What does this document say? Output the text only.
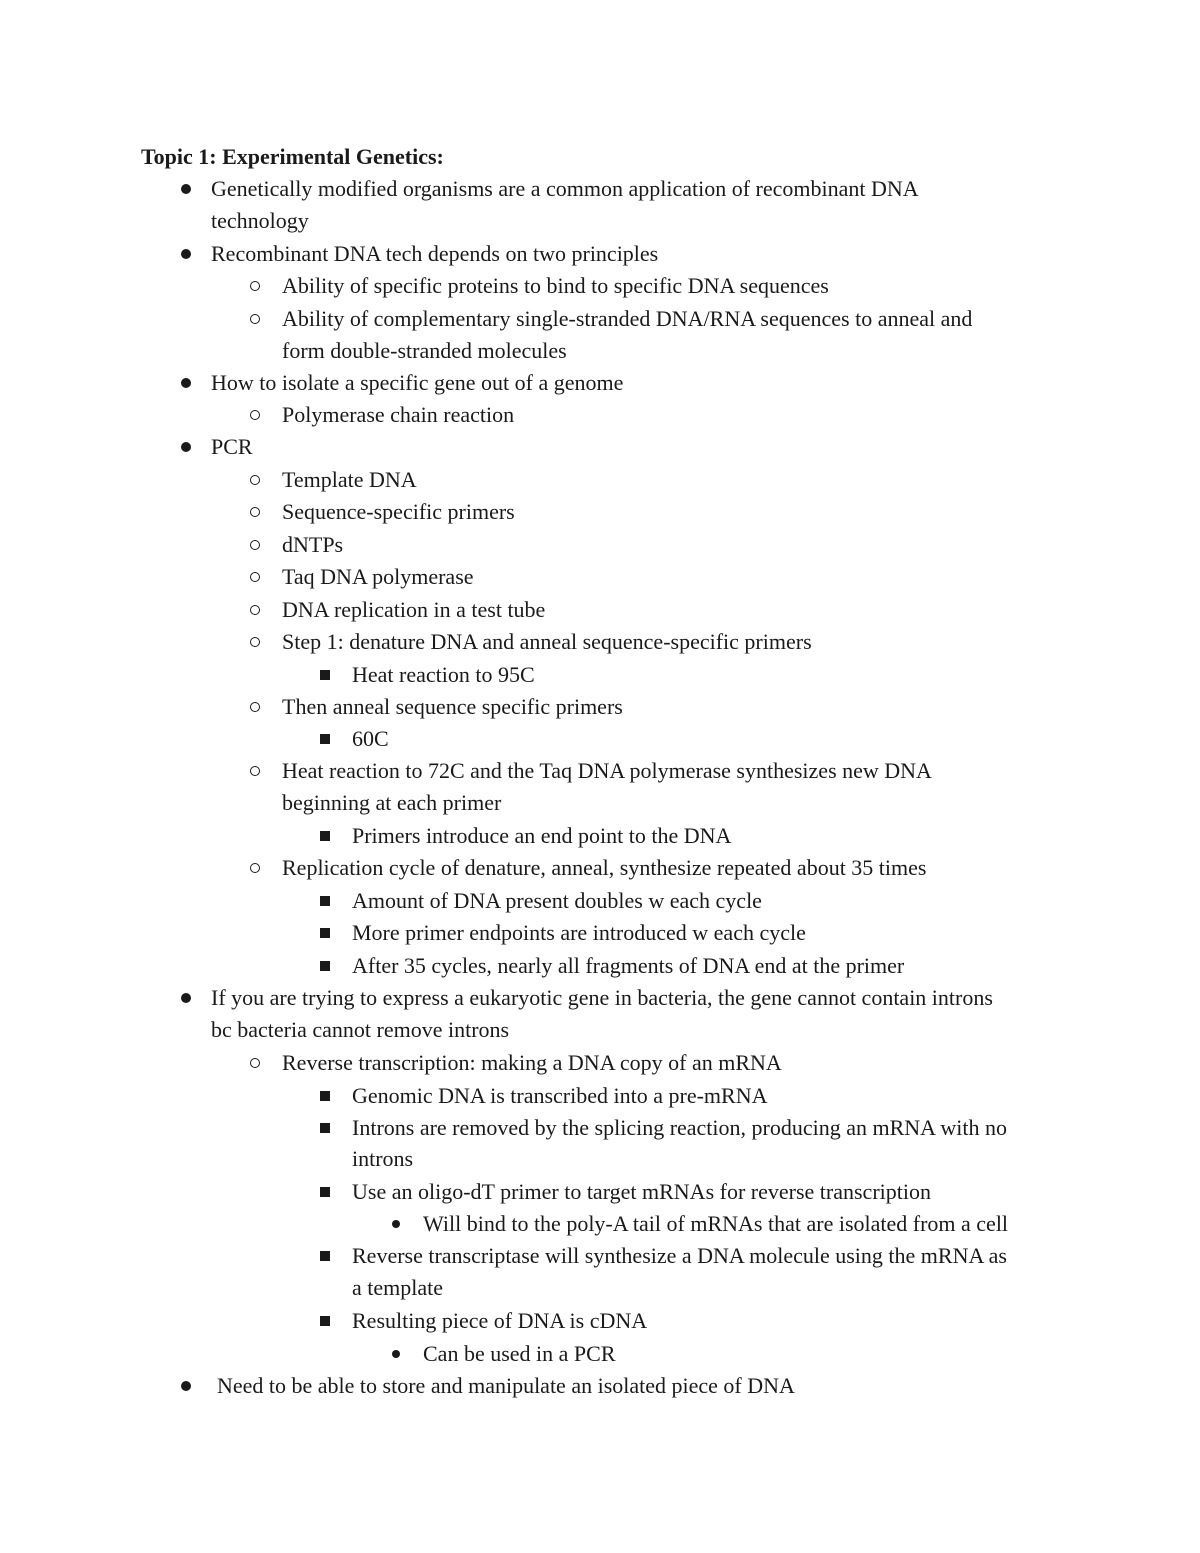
Topic 1: Experimental Genetics:
Genetically modified organisms are a common application of recombinant DNA
technology
Recombinant DNA tech depends on two principles
Ability of specific proteins to bind to specific DNA sequences
Ability of complementary single-stranded DNA/RNA sequences to anneal and
form double-stranded molecules
How to isolate a specific gene out of a genome
Polymerase chain reaction
PCR
Template DNA
Sequence-specific primers
dNTPs
Taq DNA polymerase
DNA replication in a test tube
Step 1: denature DNA and anneal sequence-specific primers
Heat reaction to 95C
Then anneal sequence specific primers
60C
Heat reaction to 72C and the Taq DNA polymerase synthesizes new DNA
beginning at each primer
Primers introduce an end point to the DNA
Replication cycle of denature, anneal, synthesize repeated about 35 times
Amount of DNA present doubles w each cycle
More primer endpoints are introduced w each cycle
After 35 cycles, nearly all fragments of DNA end at the primer
If you are trying to express a eukaryotic gene in bacteria, the gene cannot contain introns
bc bacteria cannot remove introns
Reverse transcription: making a DNA copy of an mRNA
Genomic DNA is transcribed into a pre-mRNA
Introns are removed by the splicing reaction, producing an mRNA with no
introns
Use an oligo-dT primer to target mRNAs for reverse transcription
Will bind to the poly-A tail of mRNAs that are isolated from a cell
Reverse transcriptase will synthesize a DNA molecule using the mRNA as
a template
Resulting piece of DNA is cDNA
Can be used in a PCR
Need to be able to store and manipulate an isolated piece of DNA
